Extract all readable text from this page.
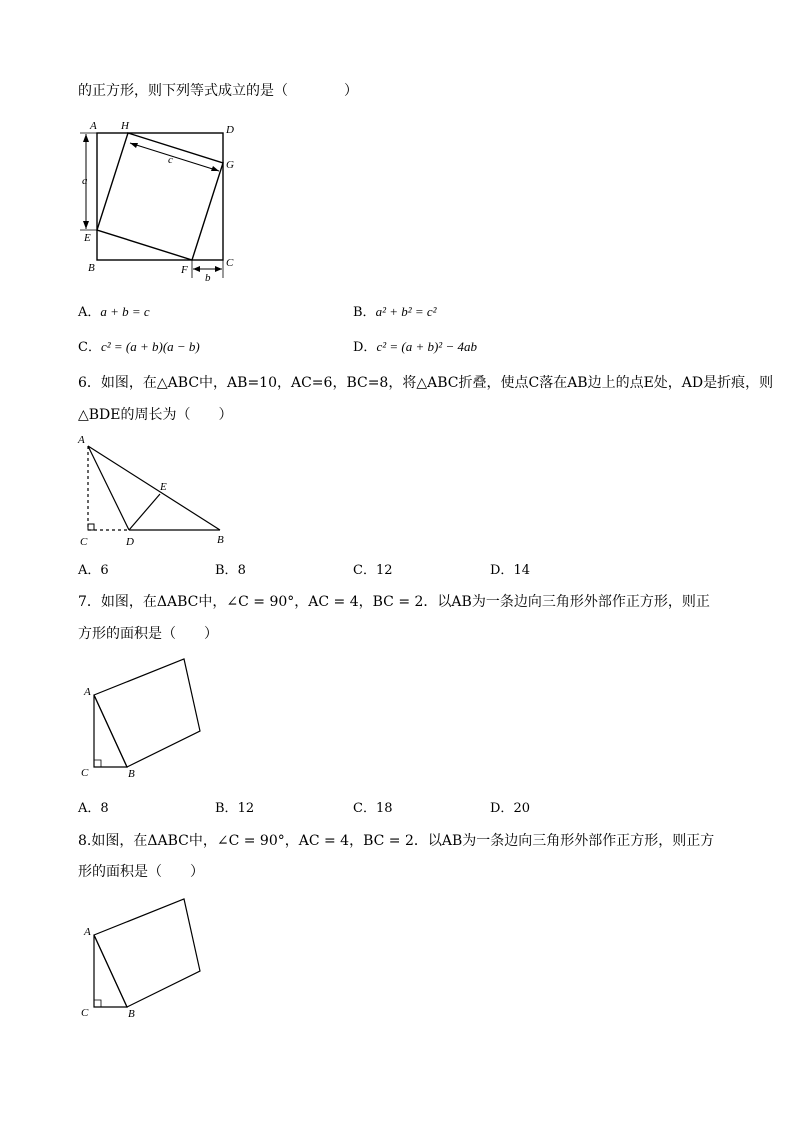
的正方形，则下列等式成立的是（　　　　）
A H	D
G
a
c
E
B	F
C
b
A．a + b = c	B．a² + b² = c²
C．c² = (a + b)(a − b)	D．c² = (a + b)² − 4ab
6．如图，在△ABC中，AB=10，AC=6，BC=8，将△ABC折叠，使点C落在AB边上的点E处，AD是折痕，则
△BDE的周长为（　　）
A
E
C	D	B
A．6	B．8	C．12	D．14
7．如图，在ΔABC中，∠C = 90°，AC = 4，BC = 2．以AB为一条边向三角形外部作正方形，则正
方形的面积是（　　）
A
C	B
A．8	B．12	C．18	D．20
8.如图，在ΔABC中，∠C = 90°，AC = 4，BC = 2．以AB为一条边向三角形外部作正方形，则正方
形的面积是（　　）
A
C	B
